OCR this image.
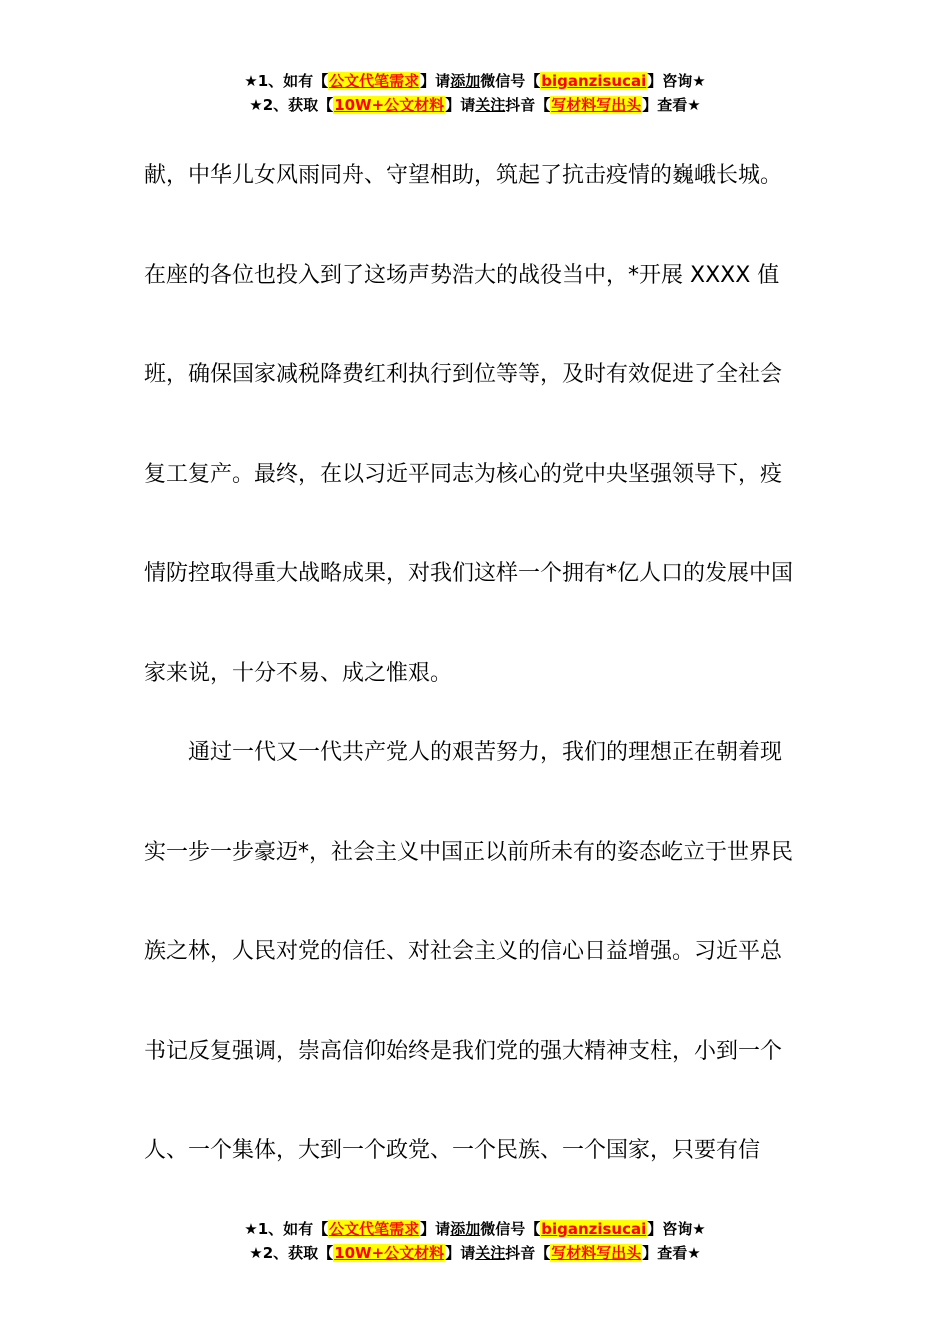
★1、如有【公文代笔需求】请添加微信号【biganzisucai】咨询★
★2、获取【10W+公文材料】请关注抖音【写材料写出头】查看★

献，中华儿女风雨同舟、守望相助，筑起了抗击疫情的巍峨长城。

在座的各位也投入到了这场声势浩大的战役当中，*开展 XXXX 值

班，确保国家减税降费红利执行到位等等，及时有效促进了全社会

复工复产。最终，在以习近平同志为核心的党中央坚强领导下，疫

情防控取得重大战略成果，对我们这样一个拥有*亿人口的发展中国

家来说，十分不易、成之惟艰。

通过一代又一代共产党人的艰苦努力，我们的理想正在朝着现

实一步一步豪迈*，社会主义中国正以前所未有的姿态屹立于世界民

族之林，人民对党的信任、对社会主义的信心日益增强。习近平总

书记反复强调，崇高信仰始终是我们党的强大精神支柱，小到一个

人、一个集体，大到一个政党、一个民族、一个国家，只要有信

★1、如有【公文代笔需求】请添加微信号【biganzisucai】咨询★
★2、获取【10W+公文材料】请关注抖音【写材料写出头】查看★
